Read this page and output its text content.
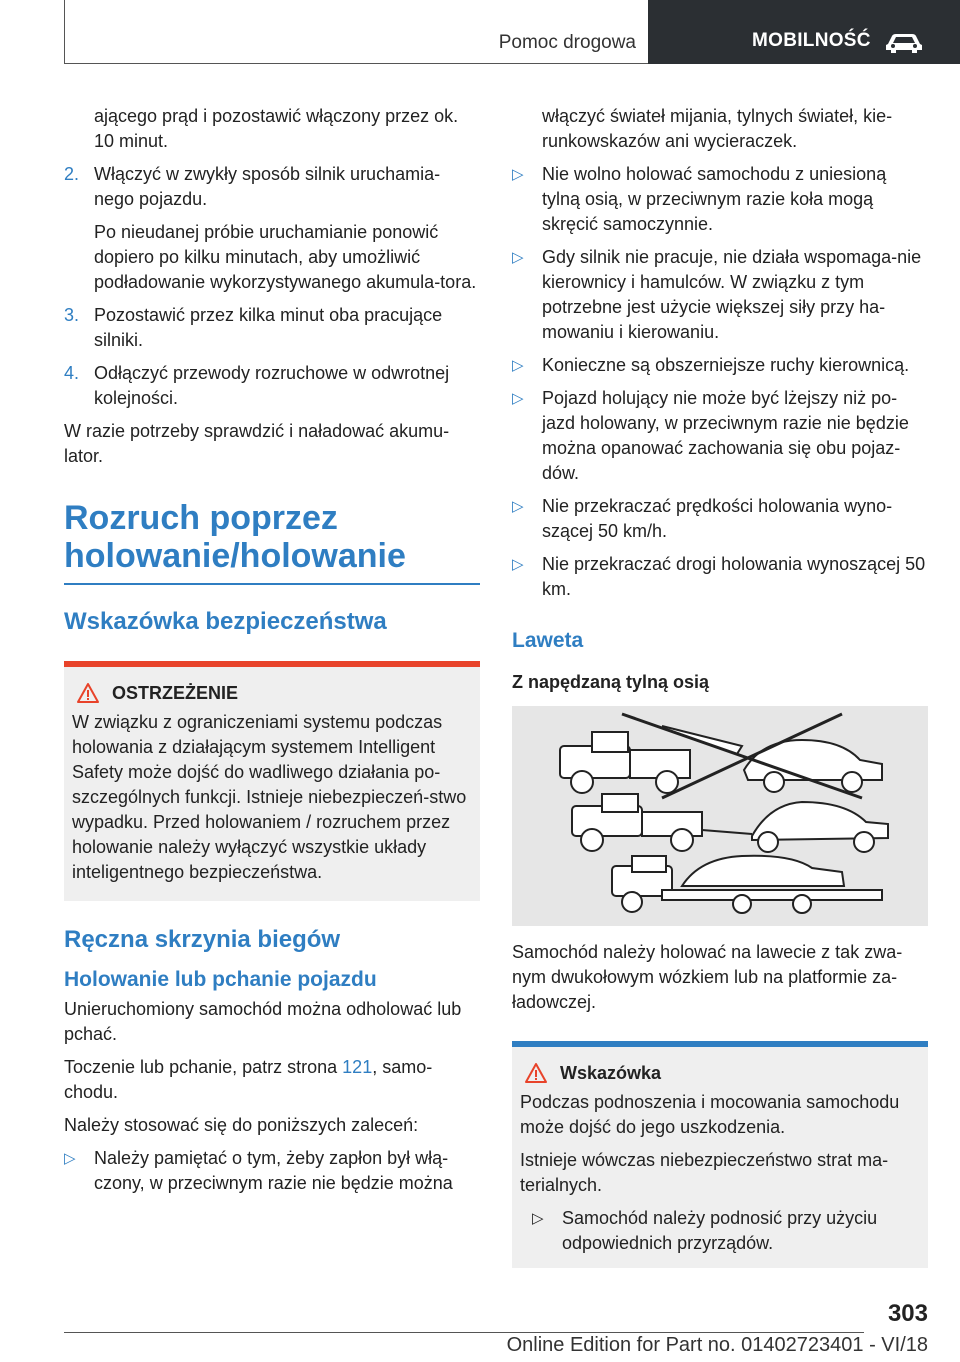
Pomoc drogowa	MOBILNOŚĆ

ającego prąd i pozostawić włączony przez ok. 10 minut.

2. Włączyć w zwykły sposób silnik uruchamia-nego pojazdu.

Po nieudanej próbie uruchamianie ponowić dopiero po kilku minutach, aby umożliwić podładowanie wykorzystywanego akumula-tora.

3. Pozostawić przez kilka minut oba pracujące silniki.
4. Odłączyć przewody rozruchowe w odwrotnej kolejności.

W razie potrzeby sprawdzić i naładować akumu-lator.

Rozruch poprzez holowanie/holowanie
Wskazówka bezpieczeństwa
OSTRZEŻENIE
W związku z ograniczeniami systemu podczas holowania z działającym systemem Intelligent Safety może dojść do wadliwego działania po-szczególnych funkcji. Istnieje niebezpieczeń-stwo wypadku. Przed holowaniem / rozruchem przez holowanie należy wyłączyć wszystkie układy inteligentnego bezpieczeństwa.
Ręczna skrzynia biegów
Holowanie lub pchanie pojazdu

Unieruchomiony samochód można odholować lub pchać.

Toczenie lub pchanie, patrz strona 121, samo-chodu.

Należy stosować się do poniższych zaleceń:

▷ Należy pamiętać o tym, żeby zapłon był włą-czony, w przeciwnym razie nie będzie można

włączyć świateł mijania, tylnych świateł, kie-runkowskazów ani wycieraczek.

▷ Nie wolno holować samochodu z uniesioną tylną osią, w przeciwnym razie koła mogą skręcić samoczynnie.
▷ Gdy silnik nie pracuje, nie działa wspomaga-nie kierownicy i hamulców. W związku z tym potrzebne jest użycie większej siły przy ha-mowaniu i kierowaniu.
▷ Konieczne są obszerniejsze ruchy kierownicą.
▷ Pojazd holujący nie może być lżejszy niż po-jazd holowany, w przeciwnym razie nie będzie można opanować zachowania się obu pojaz-dów.
▷ Nie przekraczać prędkości holowania wyno-szącej 50 km/h.
▷ Nie przekraczać drogi holowania wynoszącej 50 km.
Laweta
Z napędzaną tylną osią

Samochód należy holować na lawecie z tak zwa-nym dwukołowym wózkiem lub na platformie za-ładowczej.

Wskazówka

Podczas podnoszenia i mocowania samochodu może dojść do jego uszkodzenia.

Istnieje wówczas niebezpieczeństwo strat ma-terialnych.

▷ Samochód należy podnosić przy użyciu odpowiednich przyrządów.
303
Online Edition for Part no. 01402723401 - VI/18
